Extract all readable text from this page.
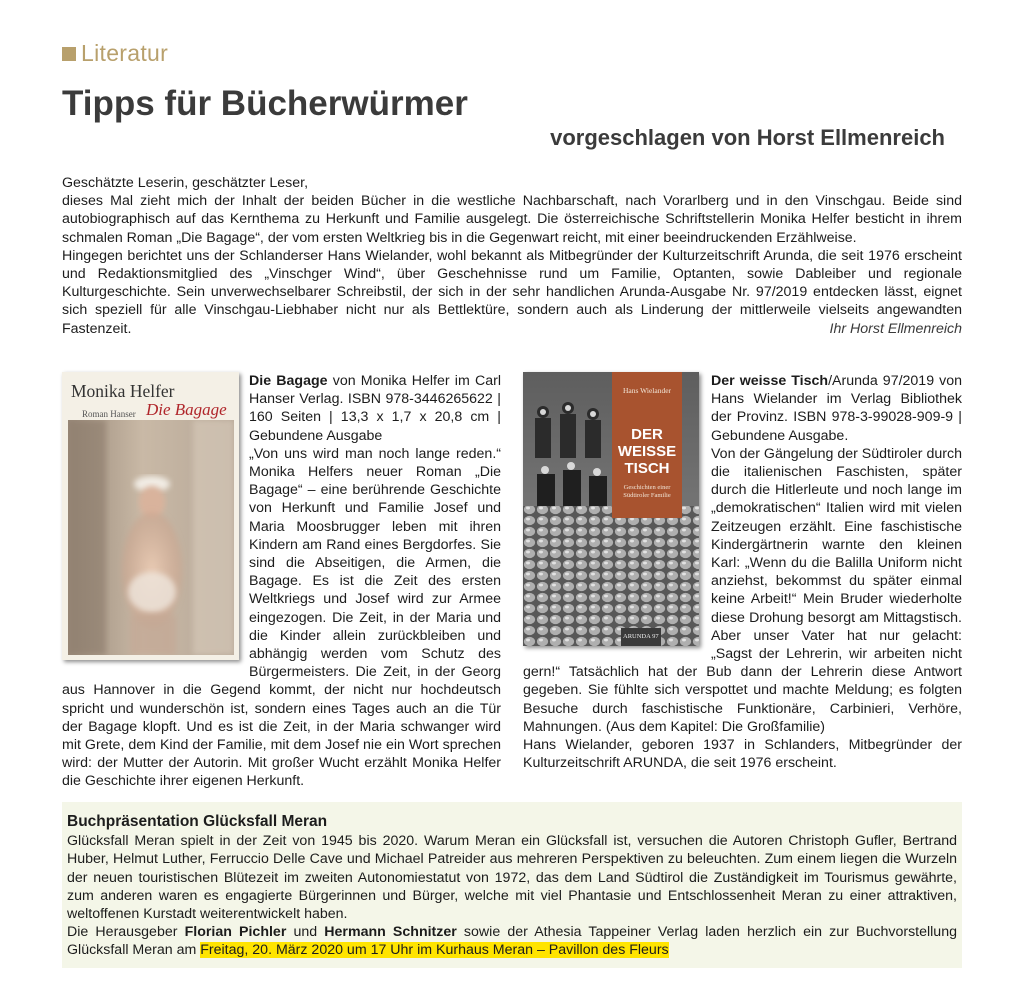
Literatur
Tipps für Bücherwürmer
vorgeschlagen von Horst Ellmenreich

Geschätzte Leserin, geschätzter Leser,

dieses Mal zieht mich der Inhalt der beiden Bücher in die westliche Nachbarschaft, nach Vorarlberg und in den Vinschgau. Beide sind autobiographisch auf das Kernthema zu Herkunft und Familie ausgelegt. Die österreichische Schriftstellerin Monika Helfer besticht in ihrem schmalen Roman „Die Bagage“, der vom ersten Weltkrieg bis in die Gegenwart reicht, mit einer beeindruckenden Erzählweise.

Hingegen berichtet uns der Schlanderser Hans Wielander, wohl bekannt als Mitbegründer der Kulturzeitschrift Arunda, die seit 1976 erscheint und Redaktionsmitglied des „Vinschger Wind“, über Geschehnisse rund um Familie, Optanten, sowie Dableiber und regionale Kulturgeschichte. Sein unverwechselbarer Schreibstil, der sich in der sehr handlichen Arunda-Ausgabe Nr. 97/2019 entdecken lässt, eignet sich speziell für alle Vinschgau-Liebhaber nicht nur als Bettlektüre, sondern auch als Linderung der mittlerweile vielseits angewandten Fastenzeit.	Ihr Horst Ellmenreich

Monika Helfer
Roman Hanser Die Bagage

Die Bagage von Monika Helfer im Carl Hanser Verlag. ISBN 978-3446265622 | 160 Seiten | 13,3 x 1,7 x 20,8 cm | Gebundene Ausgabe

„Von uns wird man noch lange reden.“ Monika Helfers neuer Roman „Die Bagage“ – eine berührende Geschichte von Herkunft und Familie Josef und Maria Moosbrugger leben mit ihren Kindern am Rand eines Bergdorfes. Sie sind die Abseitigen, die Armen, die Bagage. Es ist die Zeit des ersten Weltkriegs und Josef wird zur Armee eingezogen. Die Zeit, in der Maria und die Kinder allein zurückbleiben und abhängig werden vom Schutz des Bürgermeisters. Die Zeit, in der Georg aus Hannover in die Gegend kommt, der nicht nur hochdeutsch spricht und wunderschön ist, sondern eines Tages auch an die Tür der Bagage klopft. Und es ist die Zeit, in der Maria schwanger wird mit Grete, dem Kind der Familie, mit dem Josef nie ein Wort sprechen wird: der Mutter der Autorin. Mit großer Wucht erzählt Monika Helfer die Geschichte ihrer eigenen Herkunft.

Hans Wielander
DER
WEISSE
TISCH
Geschichten einer Südtiroler Familie
ARUNDA 97

Der weisse Tisch/Arunda 97/2019 von Hans Wielander im Verlag Bibliothek der Provinz. ISBN 978-3-99028-909-9 | Gebundene Ausgabe.

Von der Gängelung der Südtiroler durch die italienischen Faschisten, später durch die Hitlerleute und noch lange im „demokratischen“ Italien wird mit vielen Zeitzeugen erzählt. Eine faschistische Kindergärtnerin warnte den kleinen Karl: „Wenn du die Balilla Uniform nicht anziehst, bekommst du später einmal keine Arbeit!“ Mein Bruder wiederholte diese Drohung besorgt am Mittagstisch. Aber unser Vater hat nur gelacht: „Sagst der Lehrerin, wir arbeiten nicht gern!“ Tatsächlich hat der Bub dann der Lehrerin diese Antwort gegeben. Sie fühlte sich verspottet und machte Meldung; es folgten Besuche durch faschistische Funktionäre, Carbinieri, Verhöre, Mahnungen. (Aus dem Kapitel: Die Großfamilie)

Hans Wielander, geboren 1937 in Schlanders, Mitbegründer der Kulturzeitschrift ARUNDA, die seit 1976 erscheint.

Buchpräsentation Glücksfall Meran

Glücksfall Meran spielt in der Zeit von 1945 bis 2020. Warum Meran ein Glücksfall ist, versuchen die Autoren Christoph Gufler, Bertrand Huber, Helmut Luther, Ferruccio Delle Cave und Michael Patreider aus mehreren Perspektiven zu beleuchten. Zum einem liegen die Wurzeln der neuen touristischen Blütezeit im zweiten Autonomiestatut von 1972, das dem Land Südtirol die Zuständigkeit im Tourismus gewährte, zum anderen waren es engagierte Bürgerinnen und Bürger, welche mit viel Phantasie und Entschlossenheit Meran zu einer attraktiven, weltoffenen Kurstadt weiterentwickelt haben.

Die Herausgeber Florian Pichler und Hermann Schnitzer sowie der Athesia Tappeiner Verlag laden herzlich ein zur Buchvorstellung Glücksfall Meran am Freitag, 20. März 2020 um 17 Uhr im Kurhaus Meran – Pavillon des Fleurs
